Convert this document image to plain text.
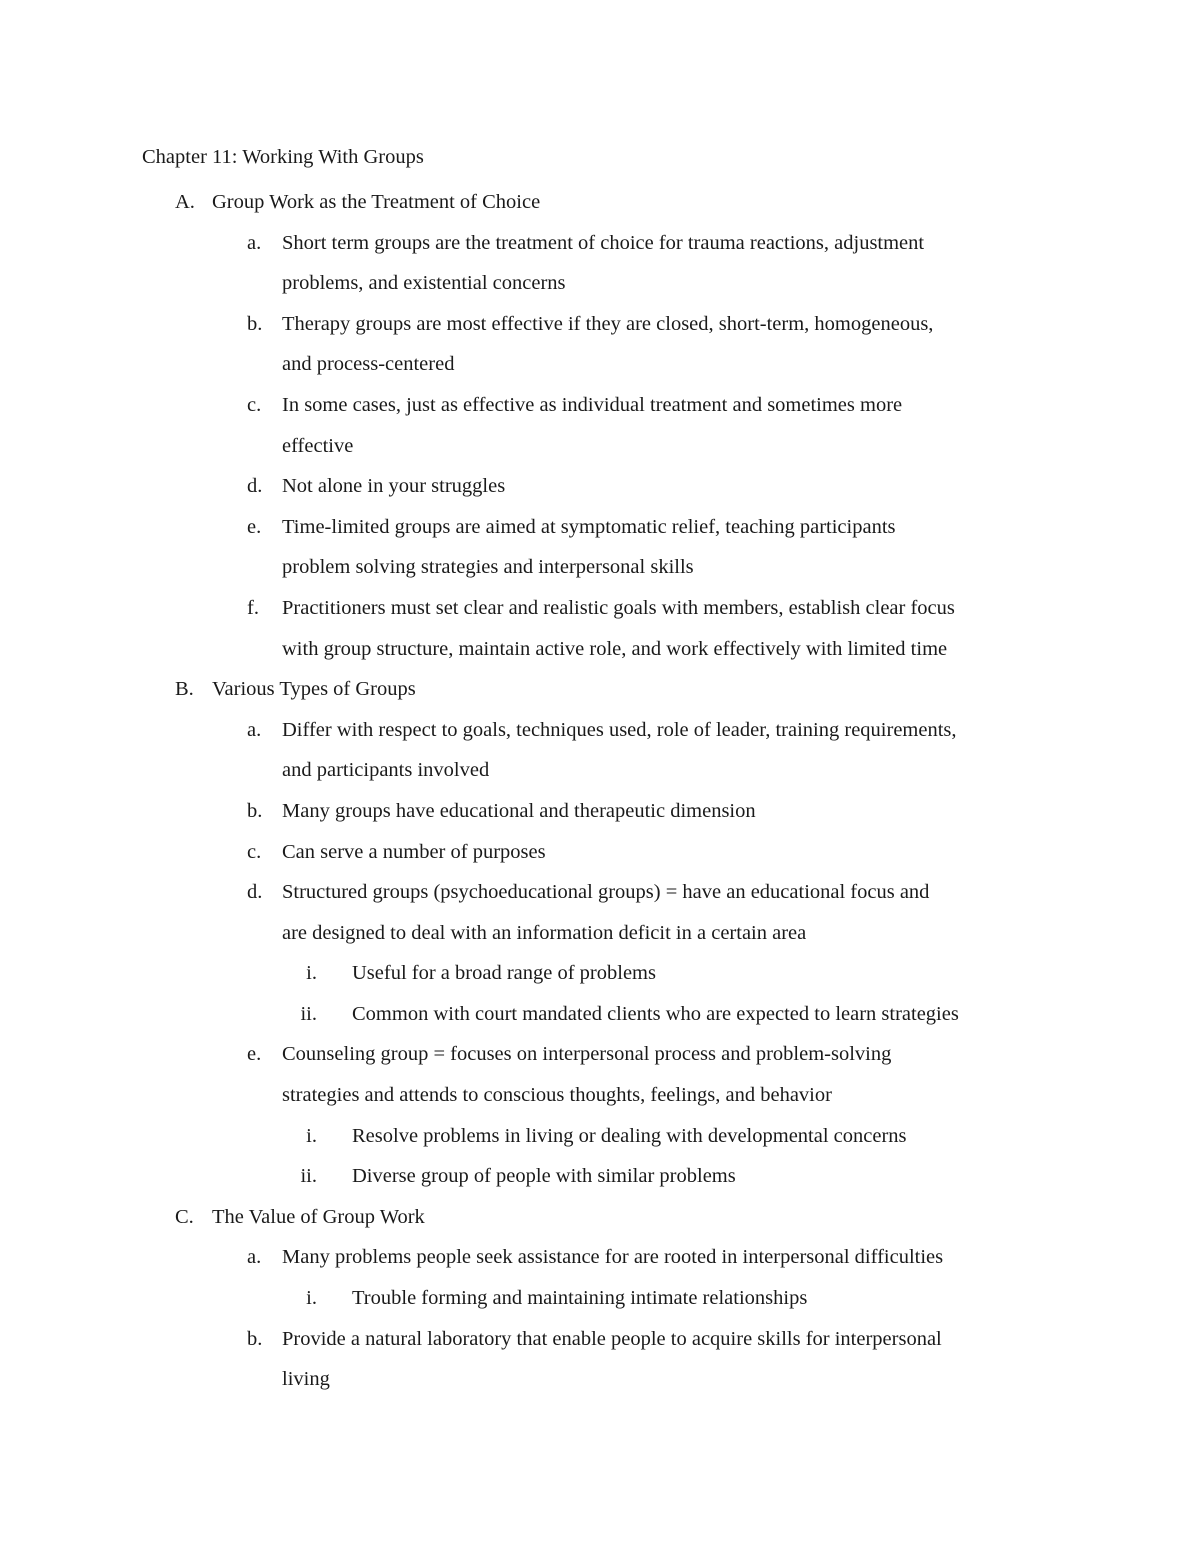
Chapter 11: Working With Groups
A. Group Work as the Treatment of Choice
a. Short term groups are the treatment of choice for trauma reactions, adjustment
problems, and existential concerns
b. Therapy groups are most effective if they are closed, short-term, homogeneous,
and process-centered
c. In some cases, just as effective as individual treatment and sometimes more
effective
d. Not alone in your struggles
e. Time-limited groups are aimed at symptomatic relief, teaching participants
problem solving strategies and interpersonal skills
f. Practitioners must set clear and realistic goals with members, establish clear focus
with group structure, maintain active role, and work effectively with limited time
B. Various Types of Groups
a. Differ with respect to goals, techniques used, role of leader, training requirements,
and participants involved
b. Many groups have educational and therapeutic dimension
c. Can serve a number of purposes
d. Structured groups (psychoeducational groups) = have an educational focus and
are designed to deal with an information deficit in a certain area
i. Useful for a broad range of problems
ii. Common with court mandated clients who are expected to learn strategies
e. Counseling group = focuses on interpersonal process and problem-solving
strategies and attends to conscious thoughts, feelings, and behavior
i. Resolve problems in living or dealing with developmental concerns
ii. Diverse group of people with similar problems
C. The Value of Group Work
a. Many problems people seek assistance for are rooted in interpersonal difficulties
i. Trouble forming and maintaining intimate relationships
b. Provide a natural laboratory that enable people to acquire skills for interpersonal
living
